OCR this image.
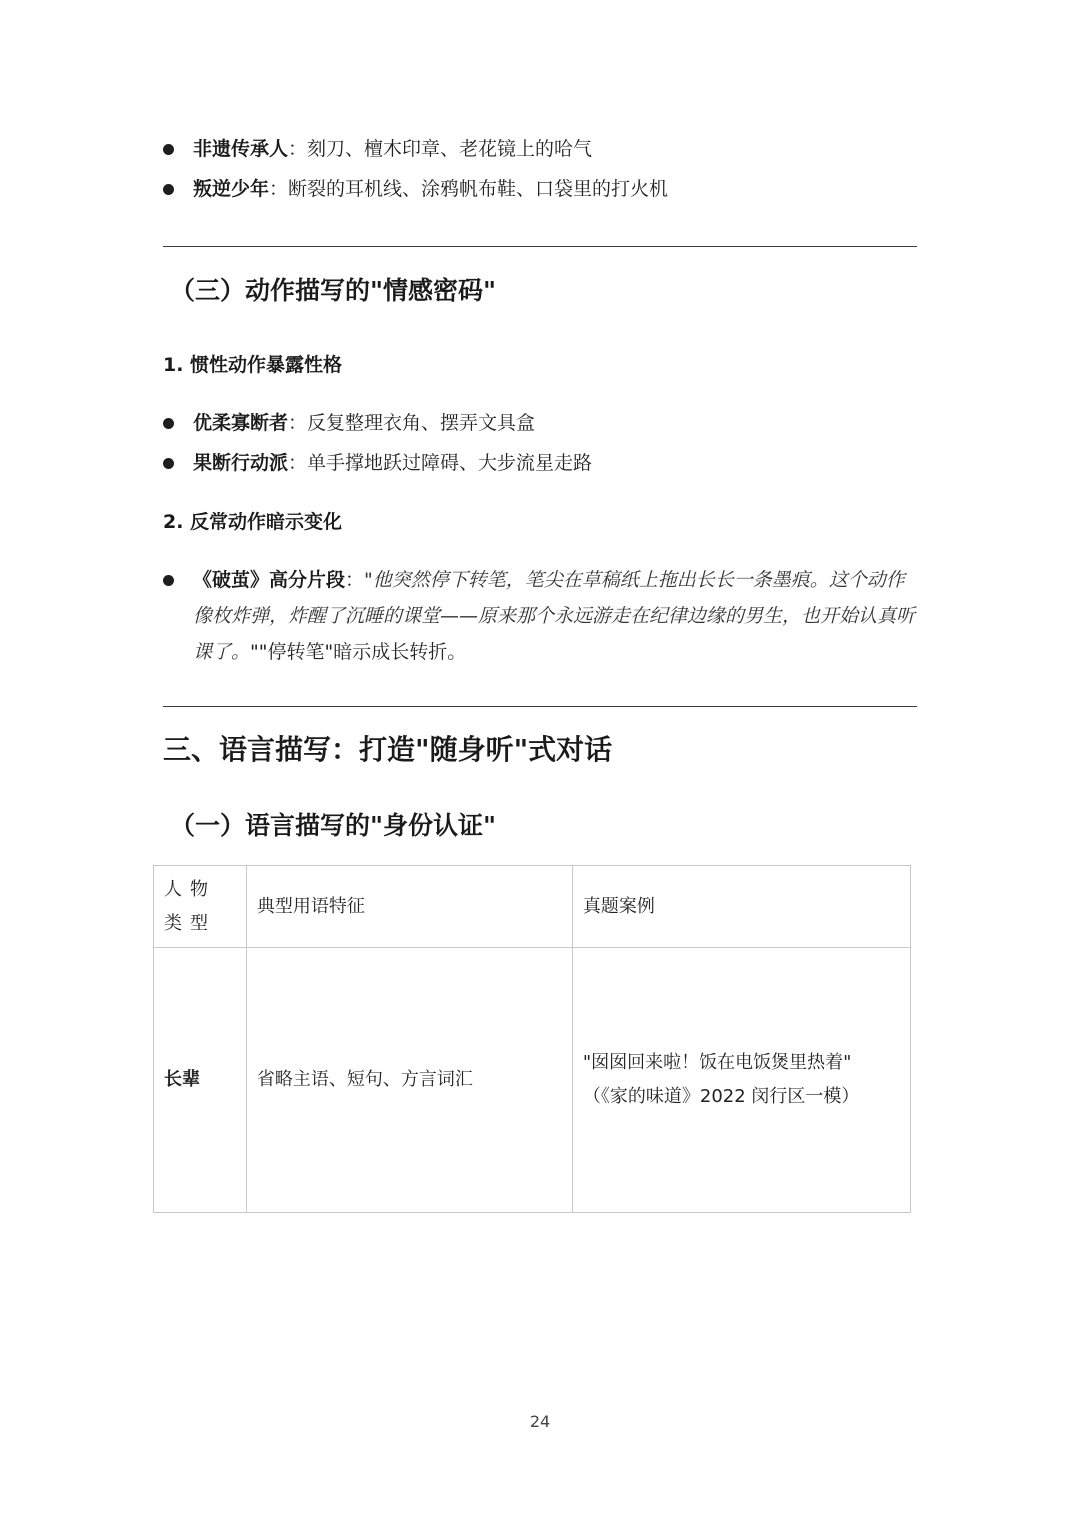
非遗传承人：刻刀、檀木印章、老花镜上的哈气
叛逆少年：断裂的耳机线、涂鸦帆布鞋、口袋里的打火机
（三）动作描写的"情感密码"
1. 惯性动作暴露性格
优柔寡断者：反复整理衣角、摆弄文具盒
果断行动派：单手撑地跃过障碍、大步流星走路
2. 反常动作暗示变化
《破茧》高分片段："他突然停下转笔，笔尖在草稿纸上拖出长长一条墨痕。这个动作像枚炸弹，炸醒了沉睡的课堂——原来那个永远游走在纪律边缘的男生，也开始认真听课了。""停转笔"暗示成长转折。
三、语言描写：打造"随身听"式对话
（一）语言描写的"身份认证"
人物类型	典型用语特征	真题案例
长辈	省略主语、短句、方言词汇	"囡囡回来啦！饭在电饭煲里热着"
（《家的味道》2022 闵行区一模）
24
